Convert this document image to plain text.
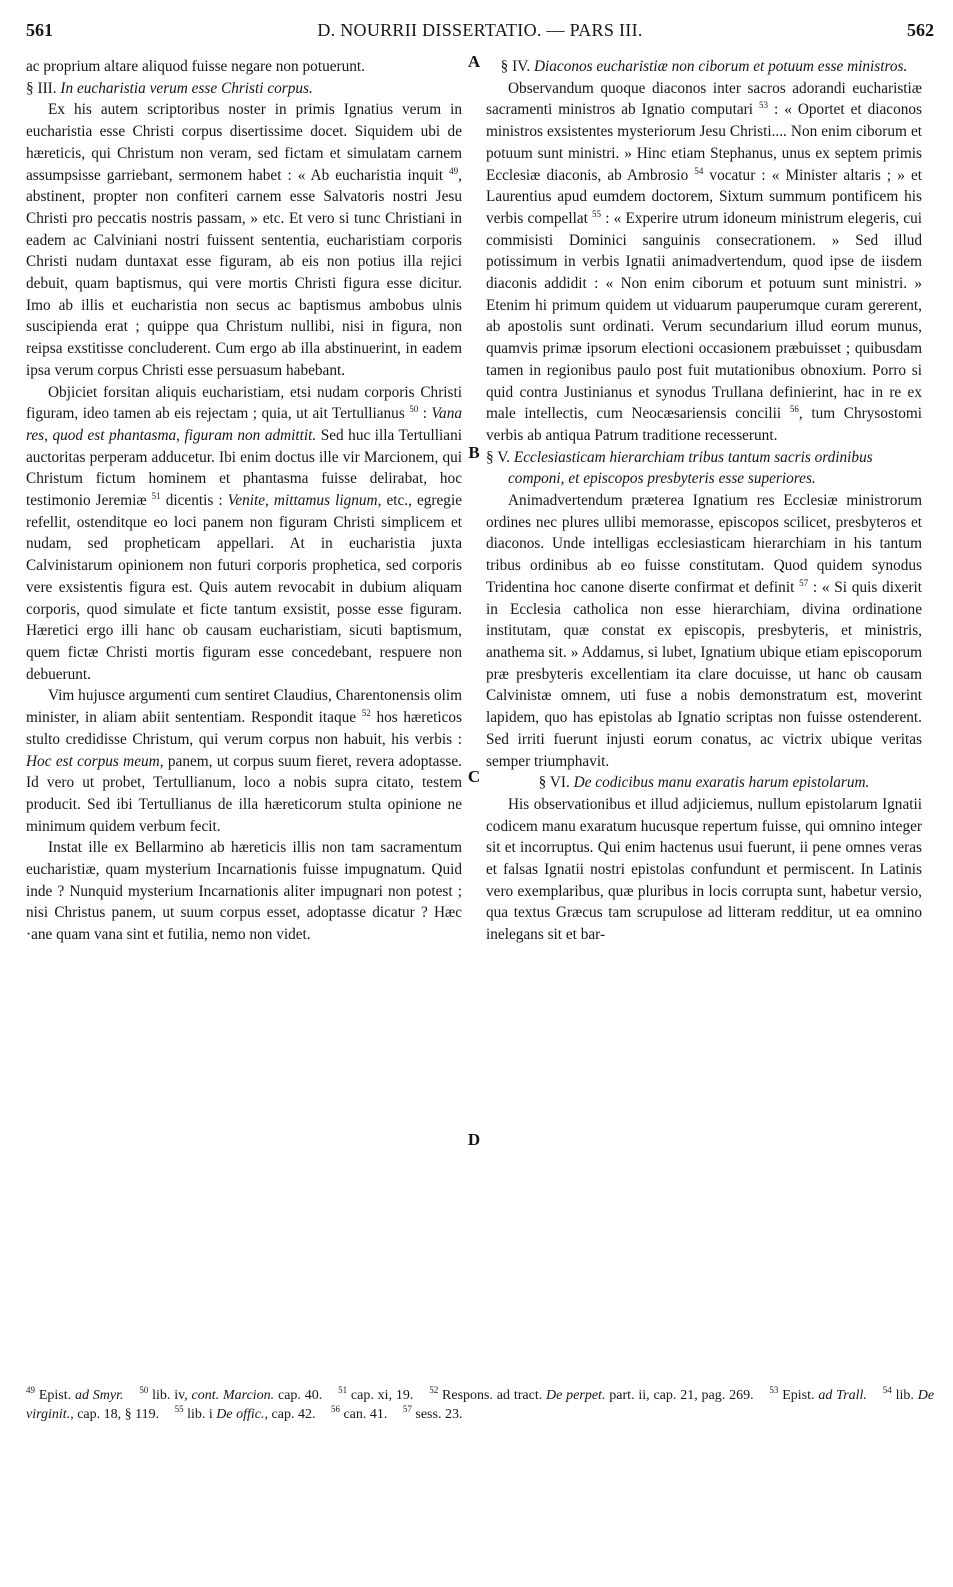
561	D. NOURRII DISSERTATIO. — PARS III.	562

ac proprium altare aliquod fuisse negare non potuerunt.

§ III. In eucharistia verum esse Christi corpus.

Ex his autem scriptoribus noster in primis Ignatius verum in eucharistia esse Christi corpus disertissime docet. Siquidem ubi de hæreticis, qui Christum non veram, sed fictam et simulatam carnem assumpsisse garriebant, sermonem habet : « Ab eucharistia inquit $^{49}$, abstinent, propter non confiteri carnem esse Salvatoris nostri Jesu Christi pro peccatis nostris passam, » etc. Et vero si tunc Christiani in eadem ac Calviniani nostri fuissent sententia, eucharistiam corporis Christi nudam duntaxat esse figuram, ab eis non potius illa rejici debuit, quam baptismus, qui vere mortis Christi figura esse dicitur. Imo ab illis et eucharistia non secus ac baptismus ambobus ulnis suscipienda erat ; quippe qua Christum nullibi, nisi in figura, non reipsa exstitisse concluderent. Cum ergo ab illa abstinuerint, in eadem ipsa verum corpus Christi esse persuasum habebant.

Objiciet forsitan aliquis eucharistiam, etsi nudam corporis Christi figuram, ideo tamen ab eis rejectam ; quia, ut ait Tertullianus $^{50}$ : Vana res, quod est phantasma, figuram non admittit. Sed huc illa Tertulliani auctoritas perperam adducetur. Ibi enim doctus ille vir Marcionem, qui Christum fictum hominem et phantasma fuisse delirabat, hoc testimonio Jeremiæ $^{51}$ dicentis : Venite, mittamus lignum, etc., egregie refellit, ostenditque eo loci panem non figuram Christi simplicem et nudam, sed propheticam appellari. At in eucharistia juxta Calvinistarum opinionem non futuri corporis prophetica, sed corporis vere exsistentis figura est. Quis autem revocabit in dubium aliquam corporis, quod simulate et ficte tantum exsistit, posse esse figuram. Hæretici ergo illi hanc ob causam eucharistiam, sicuti baptismum, quem fictæ Christi mortis figuram esse concedebant, respuere non debuerunt.

Vim hujusce argumenti cum sentiret Claudius, Charentonensis olim minister, in aliam abiit sententiam. Respondit itaque $^{52}$ hos hæreticos stulto credidisse Christum, qui verum corpus non habuit, his verbis : Hoc est corpus meum, panem, ut corpus suum fieret, revera adoptasse. Id vero ut probet, Tertullianum, loco a nobis supra citato, testem producit. Sed ibi Tertullianus de illa hæreticorum stulta opinione ne minimum quidem verbum fecit.

Instat ille ex Bellarmino ab hæreticis illis non tam sacramentum eucharistiæ, quam mysterium Incarnationis fuisse impugnatum. Quid inde ? Nunquid mysterium Incarnationis aliter impugnari non potest ; nisi Christus panem, ut suum corpus esset, adoptasse dicatur ? Hæc ·ane quam vana sint et futilia, nemo non videt.

§ IV. Diaconos eucharistiæ non ciborum et potuum esse ministros.

Observandum quoque diaconos inter sacros adorandi eucharistiæ sacramenti ministros ab Ignatio computari $^{53}$ : « Oportet et diaconos ministros exsistentes mysteriorum Jesu Christi.... Non enim ciborum et potuum sunt ministri. » Hinc etiam Stephanus, unus ex septem primis Ecclesiæ diaconis, ab Ambrosio $^{54}$ vocatur : « Minister altaris ; » et Laurentius apud eumdem doctorem, Sixtum summum pontificem his verbis compellat $^{55}$ : « Experire utrum idoneum ministrum elegeris, cui commisisti Dominici sanguinis consecrationem. » Sed illud potissimum in verbis Ignatii animadvertendum, quod ipse de iisdem diaconis addidit : « Non enim ciborum et potuum sunt ministri. » Etenim hi primum quidem ut viduarum pauperumque curam gererent, ab apostolis sunt ordinati. Verum secundarium illud eorum munus, quamvis primæ ipsorum electioni occasionem præbuisset ; quibusdam tamen in regionibus paulo post fuit mutationibus obnoxium. Porro si quid contra Justinianus et synodus Trullana definierint, hac in re ex male intellectis, cum Neocæsariensis concilii $^{56}$, tum Chrysostomi verbis ab antiqua Patrum traditione recesserunt.

§ V. Ecclesiasticam hierarchiam tribus tantum sacris ordinibus componi, et episcopos presbyteris esse superiores.

Animadvertendum præterea Ignatium res Ecclesiæ ministrorum ordines nec plures ullibi memorasse, episcopos scilicet, presbyteros et diaconos. Unde intelligas ecclesiasticam hierarchiam in his tantum tribus ordinibus ab eo fuisse constitutam. Quod quidem synodus Tridentina hoc canone diserte confirmat et definit $^{57}$ : « Si quis dixerit in Ecclesia catholica non esse hierarchiam, divina ordinatione institutam, quæ constat ex episcopis, presbyteris, et ministris, anathema sit. » Addamus, si lubet, Ignatium ubique etiam episcoporum præ presbyteris excellentiam ita clare docuisse, ut hanc ob causam Calvinistæ omnem, uti fuse a nobis demonstratum est, moverint lapidem, quo has epistolas ab Ignatio scriptas non fuisse ostenderent. Sed irriti fuerunt injusti eorum conatus, ac victrix ubique veritas semper triumphavit.

§ VI. De codicibus manu exaratis harum epistolarum.

His observationibus et illud adjiciemus, nullum epistolarum Ignatii codicem manu exaratum hucusque repertum fuisse, qui omnino integer sit et incorruptus. Qui enim hactenus usui fuerunt, ii pene omnes veras et falsas Ignatii nostri epistolas confundunt et permiscent. In Latinis vero exemplaribus, quæ pluribus in locis corrupta sunt, habetur versio, qua textus Græcus tam scrupulose ad litteram redditur, ut ea omnino inelegans sit et bar-

A
B
C
D
$^{49}$ Epist. ad Smyr. $^{50}$ lib. iv, cont. Marcion. cap. 40. $^{51}$ cap. xi, 19. $^{52}$ Respons. ad tract. De perpet. part. ii, cap. 21, pag. 269. $^{53}$ Epist. ad Trall. $^{54}$ lib. De virginit., cap. 18, § 119. $^{55}$ lib. i De offic., cap. 42. $^{56}$ can. 41. $^{57}$ sess. 23.
